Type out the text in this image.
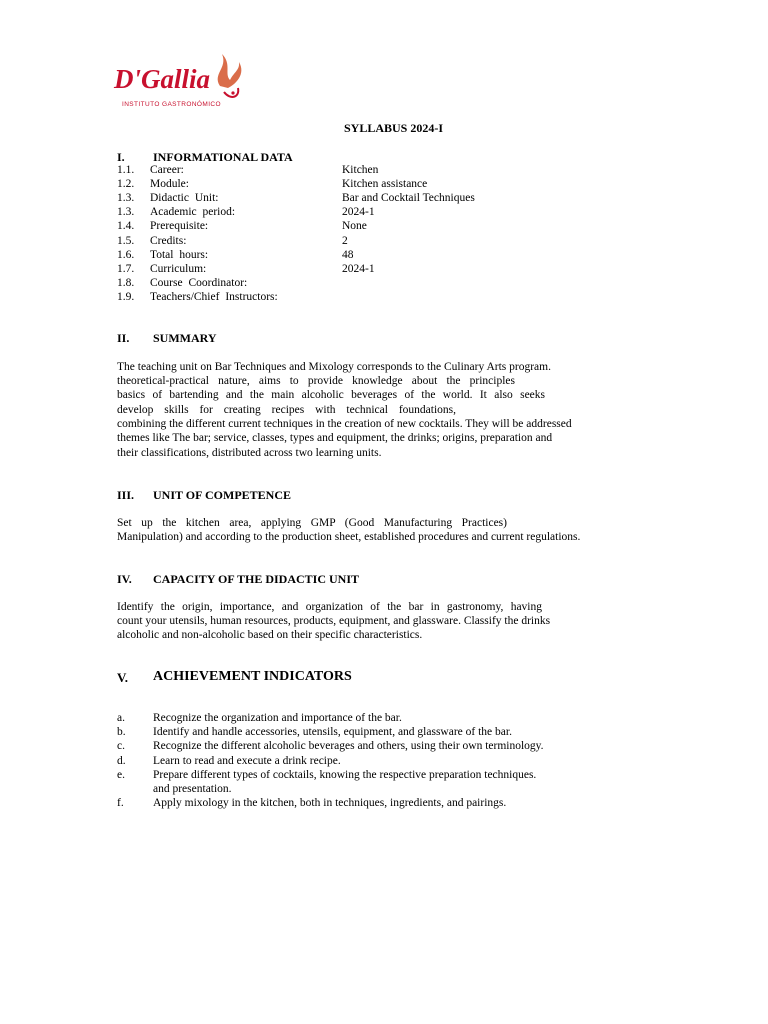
D'Gallia
INSTITUTO GASTRONÓMICO
SYLLABUS 2024-I
I. INFORMATIONAL DATA
1.1. Career:	Kitchen
1.2. Module:	Kitchen assistance
1.3. Didactic Unit:	Bar and Cocktail Techniques
1.3. Academic period:	2024-1
1.4. Prerequisite:	None
1.5. Credits:	2
1.6. Total hours:	48
1.7. Curriculum:	2024-1
1.8. Course Coordinator:
1.9. Teachers/Chief Instructors:
II. SUMMARY
The teaching unit on Bar Techniques and Mixology corresponds to the Culinary Arts program.
theoretical-practical nature, aims to provide knowledge about the principles
basics of bartending and the main alcoholic beverages of the world. It also seeks
develop skills for creating recipes with technical foundations,
combining the different current techniques in the creation of new cocktails. They will be addressed
themes like The bar; service, classes, types and equipment, the drinks; origins, preparation and
their classifications, distributed across two learning units.
III. UNIT OF COMPETENCE
Set up the kitchen area, applying GMP (Good Manufacturing Practices)
Manipulation) and according to the production sheet, established procedures and current regulations.
IV. CAPACITY OF THE DIDACTIC UNIT
Identify the origin, importance, and organization of the bar in gastronomy, having
count your utensils, human resources, products, equipment, and glassware. Classify the drinks
alcoholic and non-alcoholic based on their specific characteristics.
V. ACHIEVEMENT INDICATORS
a. Recognize the organization and importance of the bar.
b. Identify and handle accessories, utensils, equipment, and glassware of the bar.
c. Recognize the different alcoholic beverages and others, using their own terminology.
d. Learn to read and execute a drink recipe.
e. Prepare different types of cocktails, knowing the respective preparation techniques.
and presentation.
f.	Apply mixology in the kitchen, both in techniques, ingredients, and pairings.
